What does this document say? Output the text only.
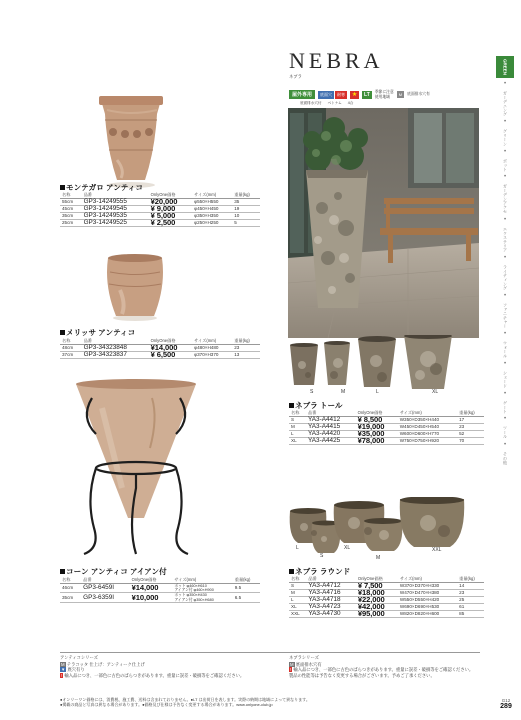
モンテガロ アンティコ
名称	品番	OnlyOne価格	サイズ(mm)	重量(kg)
55cm	GP3-14249555	¥20,000	φ550×H550	35
45cm	GP3-14249545	¥ 9,000	φ450×H450	19
35cm	GP3-14249535	¥ 5,000	φ350×H350	10
25cm	GP3-14249525	¥ 2,500	φ250×H250	5
メリッサ アンティコ
名称	品番	OnlyOne価格	サイズ(mm)	重量(kg)
48cm	GP3-34323848	¥14,000	φ480×H480	23
37cm	GP3-34323837	¥ 6,500	φ370×H370	13
コーン アンティコ アイアン付
名称	品番	OnlyOne価格	サイズ(mm)	重量(kg)
46cm	GP3-6459I	¥14,000	ポット:φ460×H610
アイアン付:φ460×H900	9.5
35cm	GP3-6359I	¥10,000	ポット:φ350×H430
アイアン付:φ350×H680	6.5
NEBRA
ネブラ
屋外専用	底面穴	耐寒	★	LT	季節に注意
使用地域	M	底面排水穴有
底面排水穴付 ペトナム 4合
S	M	L	XL
ネブラ トール
名称	品番	OnlyOne価格	サイズ(mm)	重量(kg)
S	YA3-A4412	¥ 8,500	W350×D350×H440	17
M	YA3-A4415	¥19,000	W450×D450×H540	23
L	YA3-A4420	¥35,000	W600×D600×H770	52
XL	YA3-A4425	¥78,000	W750×D750×H920	70
L
S
XL
M
XXL
ネブラ ラウンド
名称	品番	OnlyOne価格	サイズ(mm)	重量(kg)
S	YA3-A4712	¥ 7,500	W370×D370×H330	14
M	YA3-A4716	¥18,000	W470×D470×H380	23
L	YA3-A4718	¥22,000	W550×D550×H420	25
XL	YA3-A4723	¥42,000	W690×D690×H530	61
XXL	YA3-A4730	¥95,000	W820×D820×H600	85
アンティコシリーズ
M テラコッタ 仕上げ：アンティーク仕上げ
▼ 底穴有り
! 輸入品につき、一部色に古色のばらつきがあります。重量に誤差・破損等をご確認ください。
ネブラシリーズ
M 底面排水穴有
! 輸入品につき、一部色に古色のばらつきがあります。重量に誤差・破損等をご確認ください。
製品の性能等は予告なく変更する場合がございます。予めご了承ください。
●オンリーワン価格には、消費税、施工費、送料は含まれておりません。●LT は出荷日を表します。実際の納期は地域によって異なります。
●掲載の商品と写真は異なる場合があります。●価格及び仕様は予告なく変更する場合があります。www.onlyone-club.jp
GREEN
•
ガーデニング
•
グリーン
•
ポット
•
ガーデンアクセ
•
エクステリア
•
ライティング
•
ファニチャー
•
ウォール
•
シェード
•
ゲート
•
ツール
•
その他
G12
289
